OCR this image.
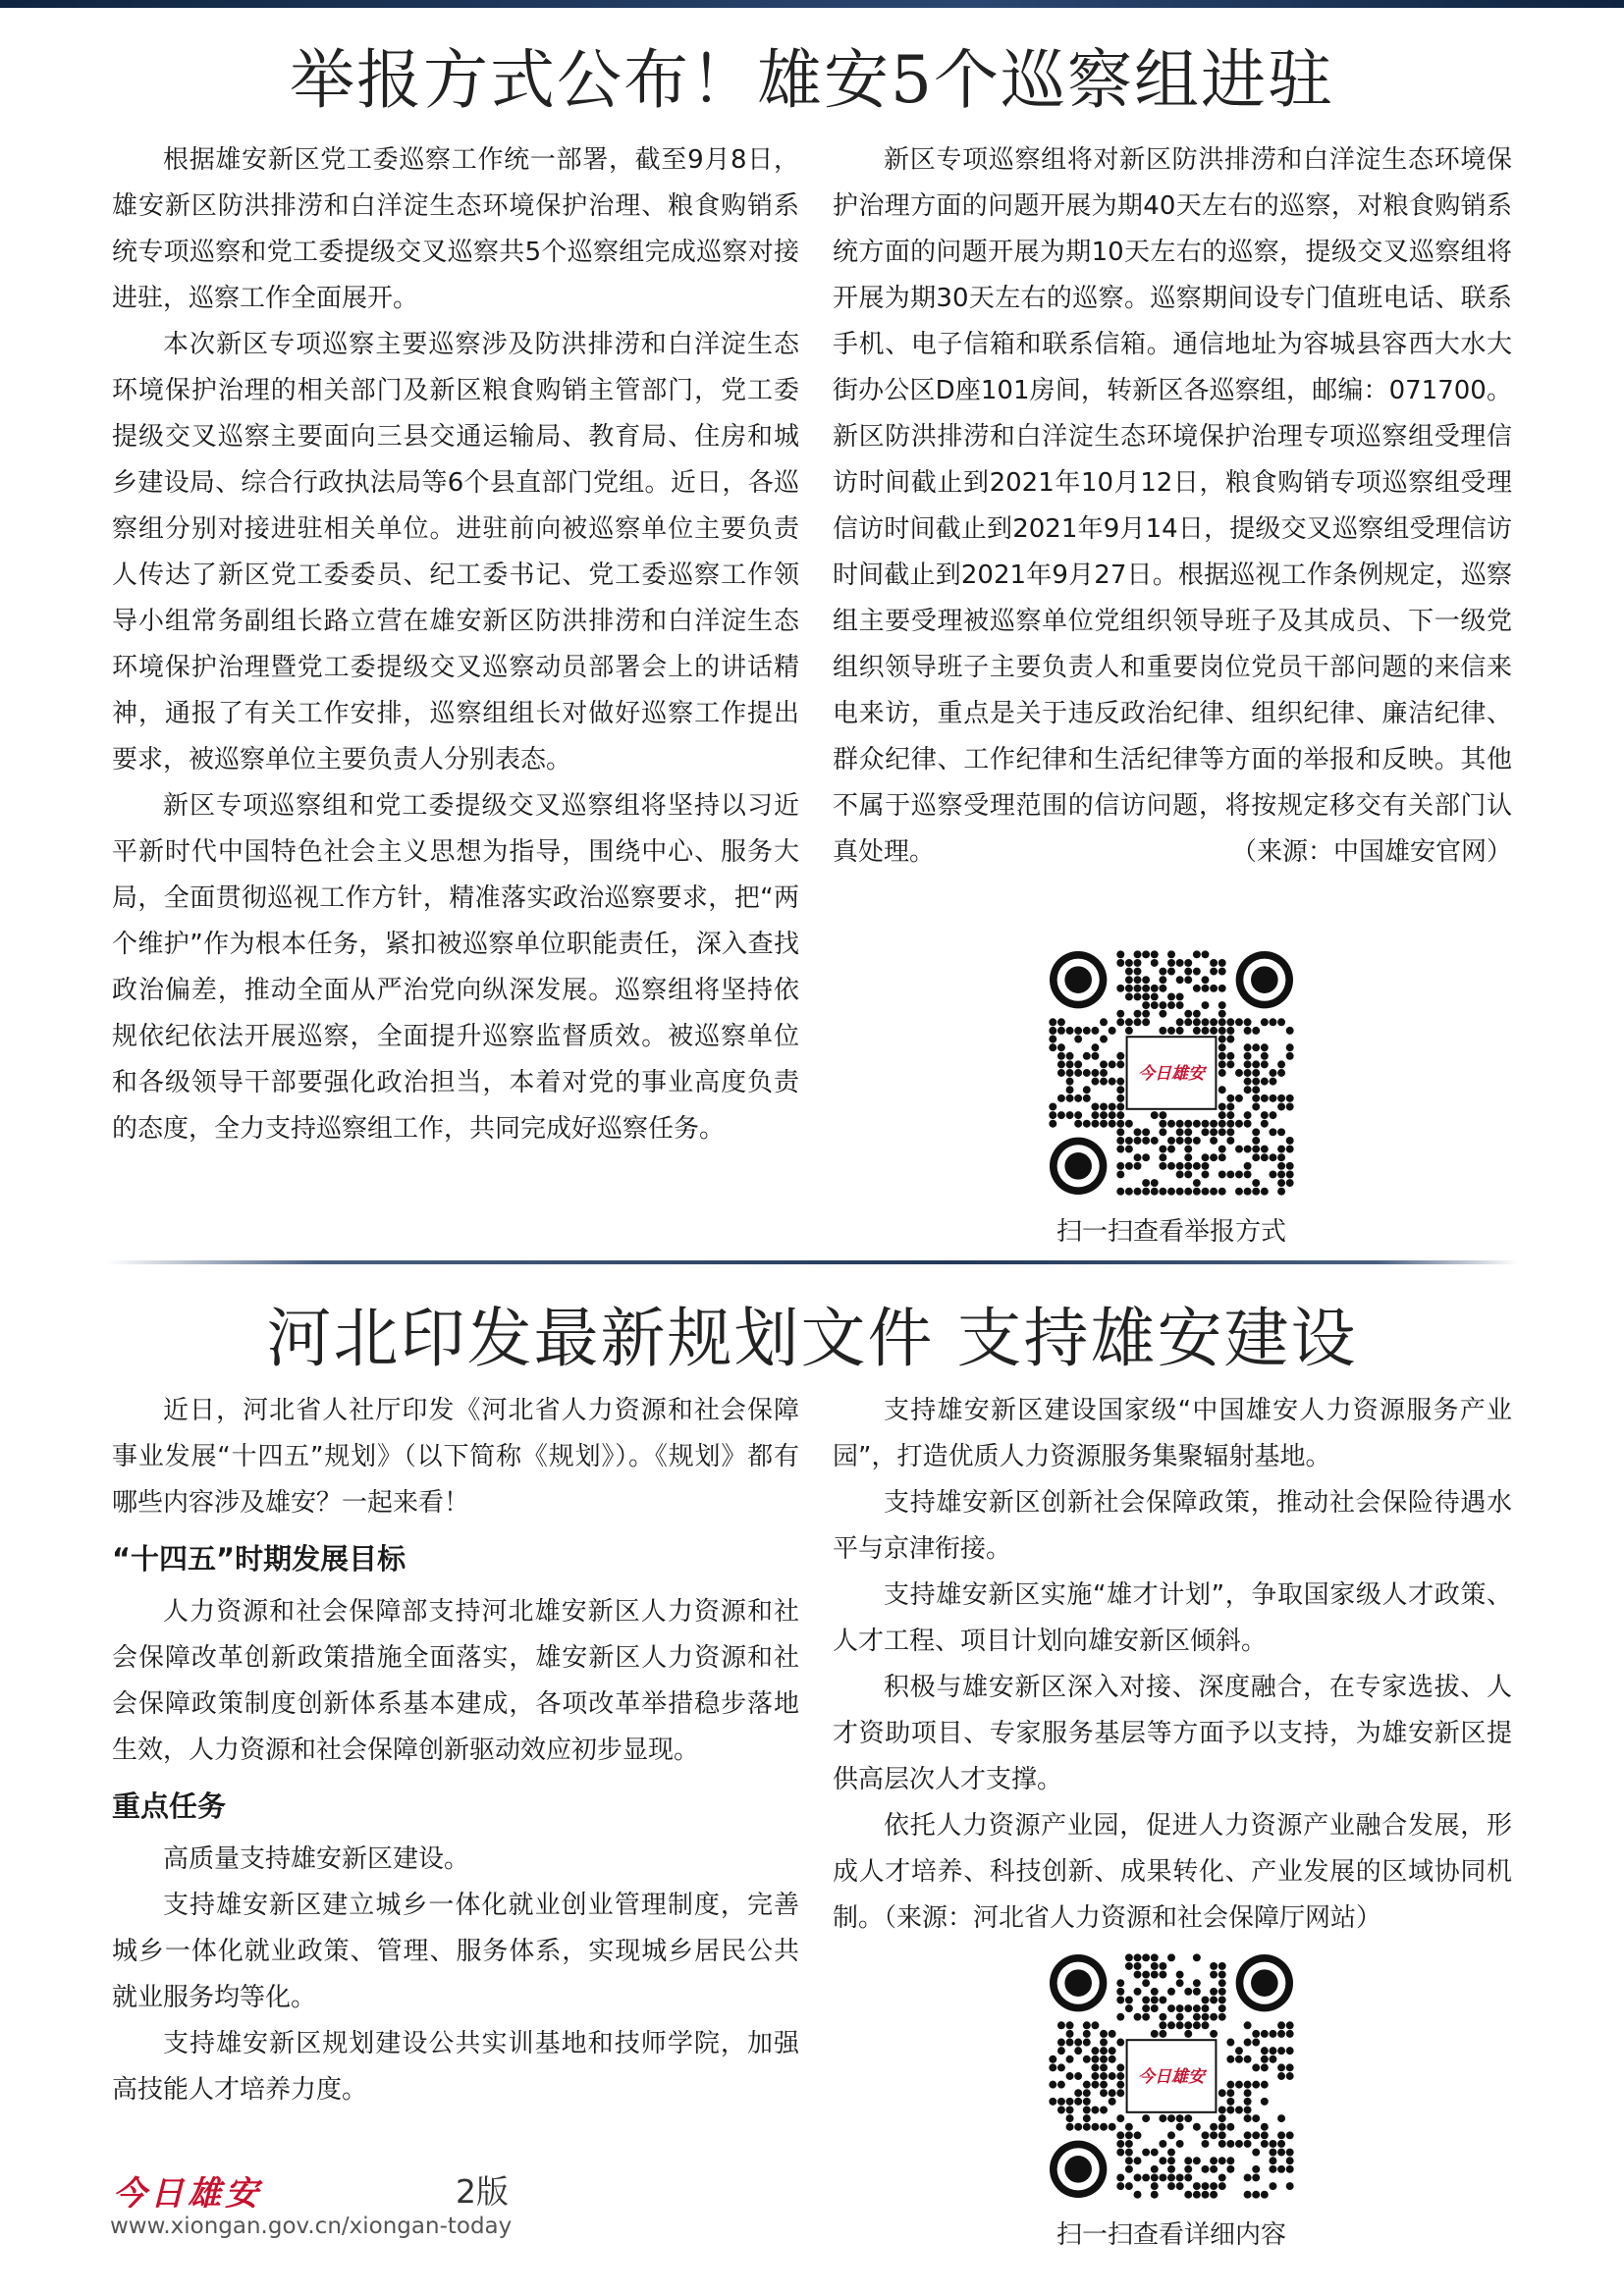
举报方式公布！雄安5个巡察组进驻

根据雄安新区党工委巡察工作统一部署，截至9月8日，雄安新区防洪排涝和白洋淀生态环境保护治理、粮食购销系统专项巡察和党工委提级交叉巡察共5个巡察组完成巡察对接进驻，巡察工作全面展开。

本次新区专项巡察主要巡察涉及防洪排涝和白洋淀生态环境保护治理的相关部门及新区粮食购销主管部门，党工委提级交叉巡察主要面向三县交通运输局、教育局、住房和城乡建设局、综合行政执法局等6个县直部门党组。近日，各巡察组分别对接进驻相关单位。进驻前向被巡察单位主要负责人传达了新区党工委委员、纪工委书记、党工委巡察工作领导小组常务副组长路立营在雄安新区防洪排涝和白洋淀生态环境保护治理暨党工委提级交叉巡察动员部署会上的讲话精神，通报了有关工作安排，巡察组组长对做好巡察工作提出要求，被巡察单位主要负责人分别表态。

新区专项巡察组和党工委提级交叉巡察组将坚持以习近平新时代中国特色社会主义思想为指导，围绕中心、服务大局，全面贯彻巡视工作方针，精准落实政治巡察要求，把“两个维护”作为根本任务，紧扣被巡察单位职能责任，深入查找政治偏差，推动全面从严治党向纵深发展。巡察组将坚持依规依纪依法开展巡察，全面提升巡察监督质效。被巡察单位和各级领导干部要强化政治担当，本着对党的事业高度负责的态度，全力支持巡察组工作，共同完成好巡察任务。

新区专项巡察组将对新区防洪排涝和白洋淀生态环境保护治理方面的问题开展为期40天左右的巡察，对粮食购销系统方面的问题开展为期10天左右的巡察，提级交叉巡察组将开展为期30天左右的巡察。巡察期间设专门值班电话、联系手机、电子信箱和联系信箱。通信地址为容城县容西大水大街办公区D座101房间，转新区各巡察组，邮编：071700。新区防洪排涝和白洋淀生态环境保护治理专项巡察组受理信访时间截止到2021年10月12日，粮食购销专项巡察组受理信访时间截止到2021年9月14日，提级交叉巡察组受理信访时间截止到2021年9月27日。根据巡视工作条例规定，巡察组主要受理被巡察单位党组织领导班子及其成员、下一级党组织领导班子主要负责人和重要岗位党员干部问题的来信来电来访，重点是关于违反政治纪律、组织纪律、廉洁纪律、群众纪律、工作纪律和生活纪律等方面的举报和反映。其他不属于巡察受理范围的信访问题，将按规定移交有关部门认真处理。	（来源：中国雄安官网）

今日雄安
扫一扫查看举报方式
河北印发最新规划文件 支持雄安建设

近日，河北省人社厅印发《河北省人力资源和社会保障事业发展“十四五”规划》（以下简称《规划》）。《规划》都有哪些内容涉及雄安？一起来看！

“十四五”时期发展目标

人力资源和社会保障部支持河北雄安新区人力资源和社会保障改革创新政策措施全面落实，雄安新区人力资源和社会保障政策制度创新体系基本建成，各项改革举措稳步落地生效，人力资源和社会保障创新驱动效应初步显现。

重点任务

高质量支持雄安新区建设。

支持雄安新区建立城乡一体化就业创业管理制度，完善城乡一体化就业政策、管理、服务体系，实现城乡居民公共就业服务均等化。

支持雄安新区规划建设公共实训基地和技师学院，加强高技能人才培养力度。

支持雄安新区建设国家级“中国雄安人力资源服务产业园”，打造优质人力资源服务集聚辐射基地。

支持雄安新区创新社会保障政策，推动社会保险待遇水平与京津衔接。

支持雄安新区实施“雄才计划”，争取国家级人才政策、人才工程、项目计划向雄安新区倾斜。

积极与雄安新区深入对接、深度融合，在专家选拔、人才资助项目、专家服务基层等方面予以支持，为雄安新区提供高层次人才支撑。

依托人力资源产业园，促进人力资源产业融合发展，形成人才培养、科技创新、成果转化、产业发展的区域协同机制。（来源：河北省人力资源和社会保障厅网站）

今日雄安
扫一扫查看详细内容
今日雄安	2版
www.xiongan.gov.cn/xiongan-today
